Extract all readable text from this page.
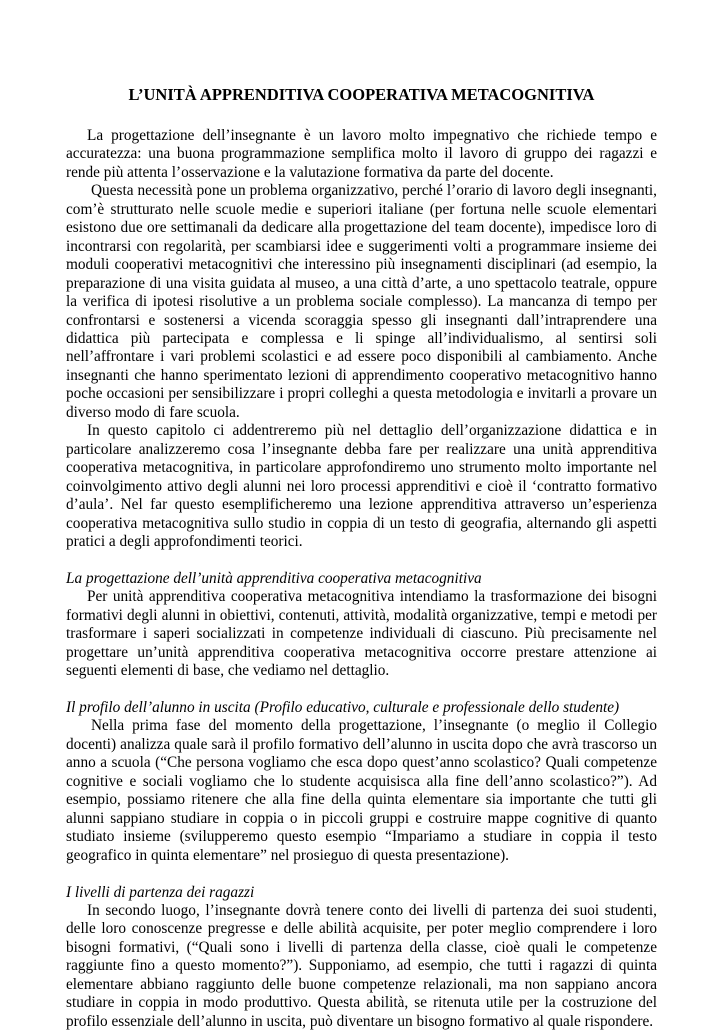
L’UNITÀ APPRENDITIVA COOPERATIVA METACOGNITIVA

La progettazione dell’insegnante è un lavoro molto impegnativo che richiede tempo e accuratezza: una buona programmazione semplifica molto il lavoro di gruppo dei ragazzi e rende più attenta l’osservazione e la valutazione formativa da parte del docente.

Questa necessità pone un problema organizzativo, perché l’orario di lavoro degli insegnanti, com’è strutturato nelle scuole medie e superiori italiane (per fortuna nelle scuole elementari esistono due ore settimanali da dedicare alla progettazione del team docente), impedisce loro di incontrarsi con regolarità, per scambiarsi idee e suggerimenti volti a programmare insieme dei moduli cooperativi metacognitivi che interessino più insegnamenti disciplinari (ad esempio, la preparazione di una visita guidata al museo, a una città d’arte, a uno spettacolo teatrale, oppure la verifica di ipotesi risolutive a un problema sociale complesso). La mancanza di tempo per confrontarsi e sostenersi a vicenda scoraggia spesso gli insegnanti dall’intraprendere una didattica più partecipata e complessa e li spinge all’individualismo, al sentirsi soli nell’affrontare i vari problemi scolastici e ad essere poco disponibili al cambiamento. Anche insegnanti che hanno sperimentato lezioni di apprendimento cooperativo metacognitivo hanno poche occasioni per sensibilizzare i propri colleghi a questa metodologia e invitarli a provare un diverso modo di fare scuola.

In questo capitolo ci addentreremo più nel dettaglio dell’organizzazione didattica e in particolare analizzeremo cosa l’insegnante debba fare per realizzare una unità apprenditiva cooperativa metacognitiva, in particolare approfondiremo uno strumento molto importante nel coinvolgimento attivo degli alunni nei loro processi apprenditivi e cioè il ‘contratto formativo d’aula’. Nel far questo esemplificheremo una lezione apprenditiva attraverso un’esperienza cooperativa metacognitiva sullo studio in coppia di un testo di geografia, alternando gli aspetti pratici a degli approfondimenti teorici.

La progettazione dell’unità apprenditiva cooperativa metacognitiva

Per unità apprenditiva cooperativa metacognitiva intendiamo la trasformazione dei bisogni formativi degli alunni in obiettivi, contenuti, attività, modalità organizzative, tempi e metodi per trasformare i saperi socializzati in competenze individuali di ciascuno. Più precisamente nel progettare un’unità apprenditiva cooperativa metacognitiva occorre prestare attenzione ai seguenti elementi di base, che vediamo nel dettaglio.

Il profilo dell’alunno in uscita (Profilo educativo, culturale e professionale dello studente)

Nella prima fase del momento della progettazione, l’insegnante (o meglio il Collegio docenti) analizza quale sarà il profilo formativo dell’alunno in uscita dopo che avrà trascorso un anno a scuola (“Che persona vogliamo che esca dopo quest’anno scolastico? Quali competenze cognitive e sociali vogliamo che lo studente acquisisca alla fine dell’anno scolastico?”). Ad esempio, possiamo ritenere che alla fine della quinta elementare sia importante che tutti gli alunni sappiano studiare in coppia o in piccoli gruppi e costruire mappe cognitive di quanto studiato insieme (svilupperemo questo esempio “Impariamo a studiare in coppia il testo geografico in quinta elementare” nel prosieguo di questa presentazione).

I livelli di partenza dei ragazzi

In secondo luogo, l’insegnante dovrà tenere conto dei livelli di partenza dei suoi studenti, delle loro conoscenze pregresse e delle abilità acquisite, per poter meglio comprendere i loro bisogni formativi, (“Quali sono i livelli di partenza della classe, cioè quali le competenze raggiunte fino a questo momento?”). Supponiamo, ad esempio, che tutti i ragazzi di quinta elementare abbiano raggiunto delle buone competenze relazionali, ma non sappiano ancora studiare in coppia in modo produttivo. Questa abilità, se ritenuta utile per la costruzione del profilo essenziale dell’alunno in uscita, può diventare un bisogno formativo al quale rispondere.
